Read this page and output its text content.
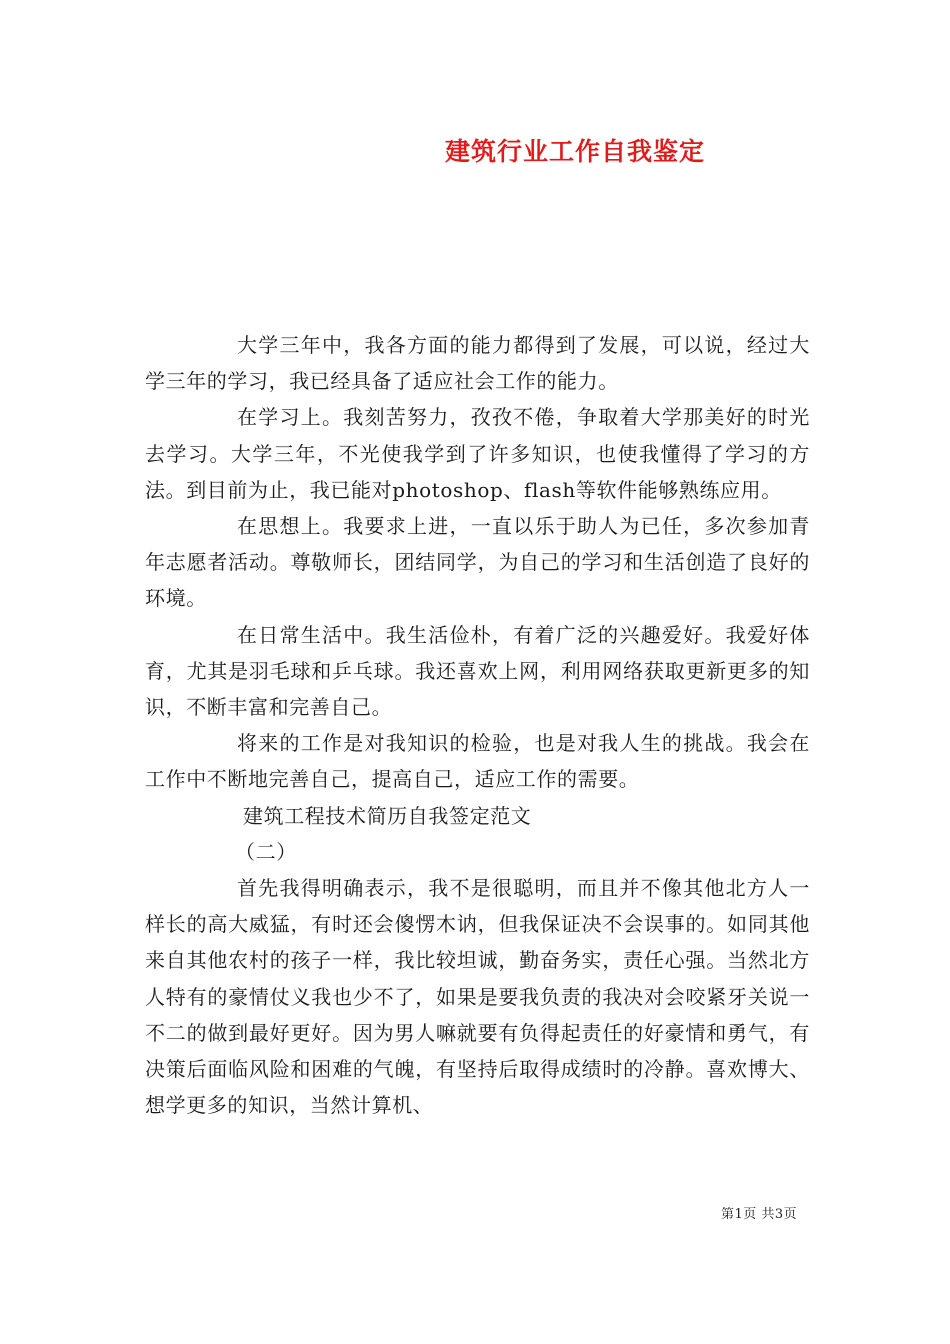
建筑行业工作自我鉴定

大学三年中，我各方面的能力都得到了发展，可以说，经过大学三年的学习，我已经具备了适应社会工作的能力。

在学习上。我刻苦努力，孜孜不倦，争取着大学那美好的时光去学习。大学三年，不光使我学到了许多知识，也使我懂得了学习的方法。到目前为止，我已能对photoshop、flash等软件能够熟练应用。

在思想上。我要求上进，一直以乐于助人为已任，多次参加青年志愿者活动。尊敬师长，团结同学，为自己的学习和生活创造了良好的环境。

在日常生活中。我生活俭朴，有着广泛的兴趣爱好。我爱好体育，尤其是羽毛球和乒乓球。我还喜欢上网，利用网络获取更新更多的知识，不断丰富和完善自己。

将来的工作是对我知识的检验，也是对我人生的挑战。我会在工作中不断地完善自己，提高自己，适应工作的需要。

建筑工程技术简历自我签定范文

（二）

首先我得明确表示，我不是很聪明，而且并不像其他北方人一样长的高大威猛，有时还会傻愣木讷，但我保证决不会误事的。如同其他来自其他农村的孩子一样，我比较坦诚，勤奋务实，责任心强。当然北方人特有的豪情仗义我也少不了，如果是要我负责的我决对会咬紧牙关说一不二的做到最好更好。因为男人嘛就要有负得起责任的好豪情和勇气，有决策后面临风险和困难的气魄，有坚持后取得成绩时的冷静。喜欢博大、想学更多的知识，当然计算机、

第1页 共3页
